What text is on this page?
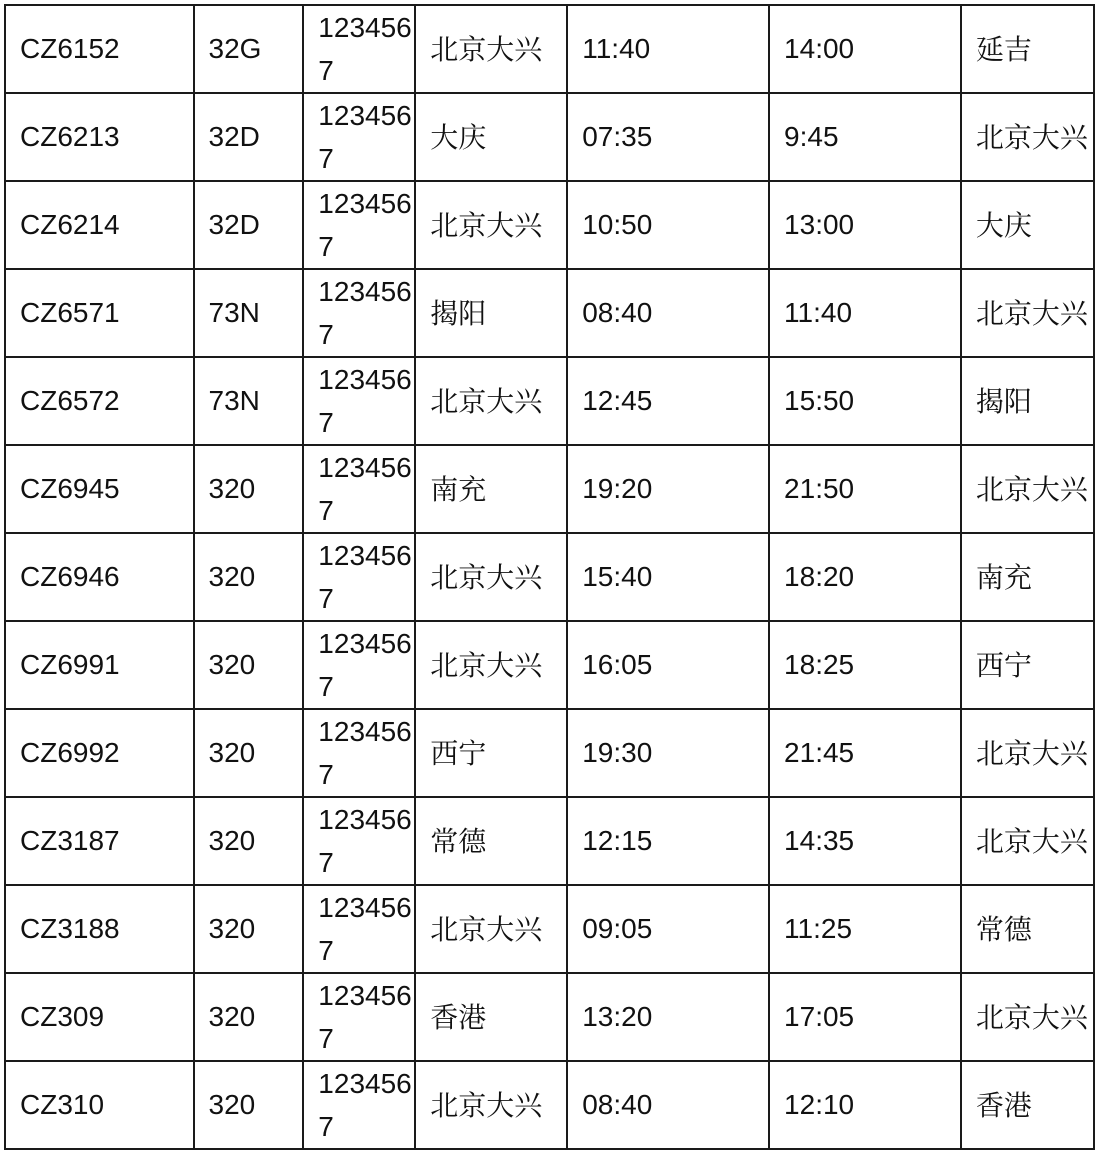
CZ6152	32G	1234567	北京大兴	11:40	14:00	延吉
CZ6213	32D	1234567	大庆	07:35	9:45	北京大兴
CZ6214	32D	1234567	北京大兴	10:50	13:00	大庆
CZ6571	73N	1234567	揭阳	08:40	11:40	北京大兴
CZ6572	73N	1234567	北京大兴	12:45	15:50	揭阳
CZ6945	320	1234567	南充	19:20	21:50	北京大兴
CZ6946	320	1234567	北京大兴	15:40	18:20	南充
CZ6991	320	1234567	北京大兴	16:05	18:25	西宁
CZ6992	320	1234567	西宁	19:30	21:45	北京大兴
CZ3187	320	1234567	常德	12:15	14:35	北京大兴
CZ3188	320	1234567	北京大兴	09:05	11:25	常德
CZ309	320	1234567	香港	13:20	17:05	北京大兴
CZ310	320	1234567	北京大兴	08:40	12:10	香港
